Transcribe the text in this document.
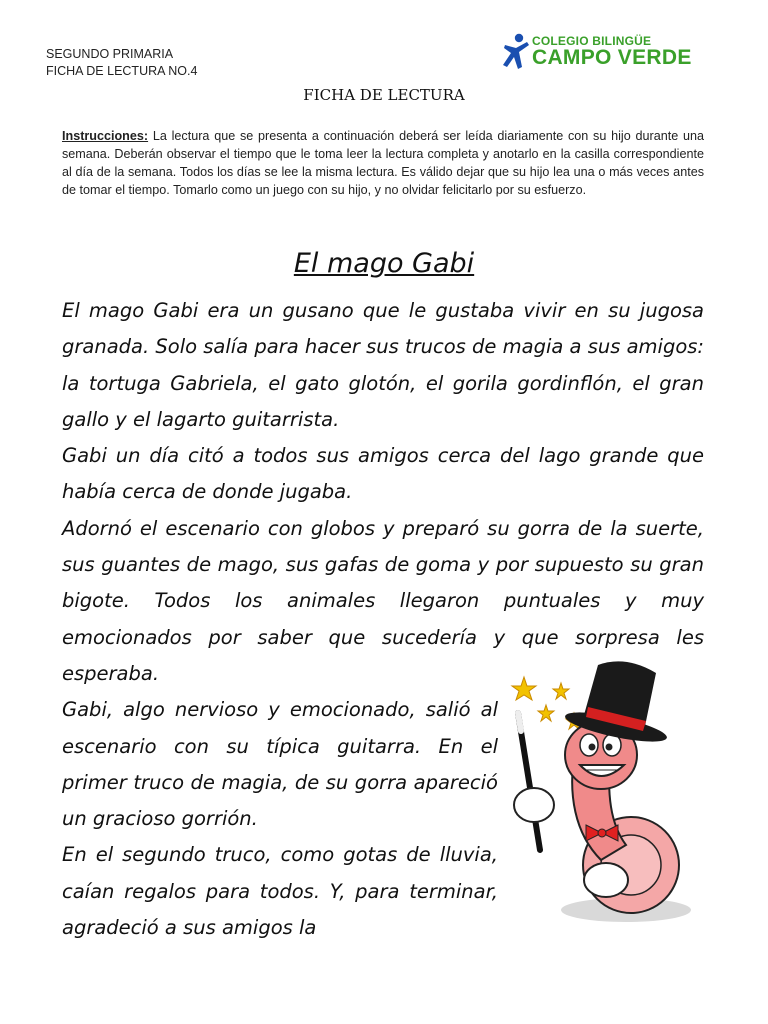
SEGUNDO PRIMARIA
FICHA DE LECTURA NO.4
COLEGIO BILINGÜE
CAMPO VERDE
FICHA DE LECTURA
Instrucciones: La lectura que se presenta a continuación deberá ser leída diariamente con su hijo durante una semana. Deberán observar el tiempo que le toma leer la lectura completa y anotarlo en la casilla correspondiente al día de la semana. Todos los días se lee la misma lectura. Es válido dejar que su hijo lea una o más veces antes de tomar el tiempo. Tomarlo como un juego con su hijo, y no olvidar felicitarlo por su esfuerzo.
El mago Gabi

El mago Gabi era un gusano que le gustaba vivir en su jugosa granada. Solo salía para hacer sus trucos de magia a sus amigos: la tortuga Gabriela, el gato glotón, el gorila gordinflón, el gran gallo y el lagarto guitarrista.

Gabi un día citó a todos sus amigos cerca del lago grande que había cerca de donde jugaba.

Adornó el escenario con globos y preparó su gorra de la suerte, sus guantes de mago, sus gafas de goma y por supuesto su gran bigote. Todos los animales llegaron puntuales y muy emocionados por saber que sucedería y que sorpresa les esperaba.

Gabi, algo nervioso y emocionado, salió al escenario con su típica guitarra. En el primer truco de magia, de su gorra apareció un gracioso gorrión.

En el segundo truco, como gotas de lluvia, caían regalos para todos. Y, para terminar, agradeció a sus amigos la
